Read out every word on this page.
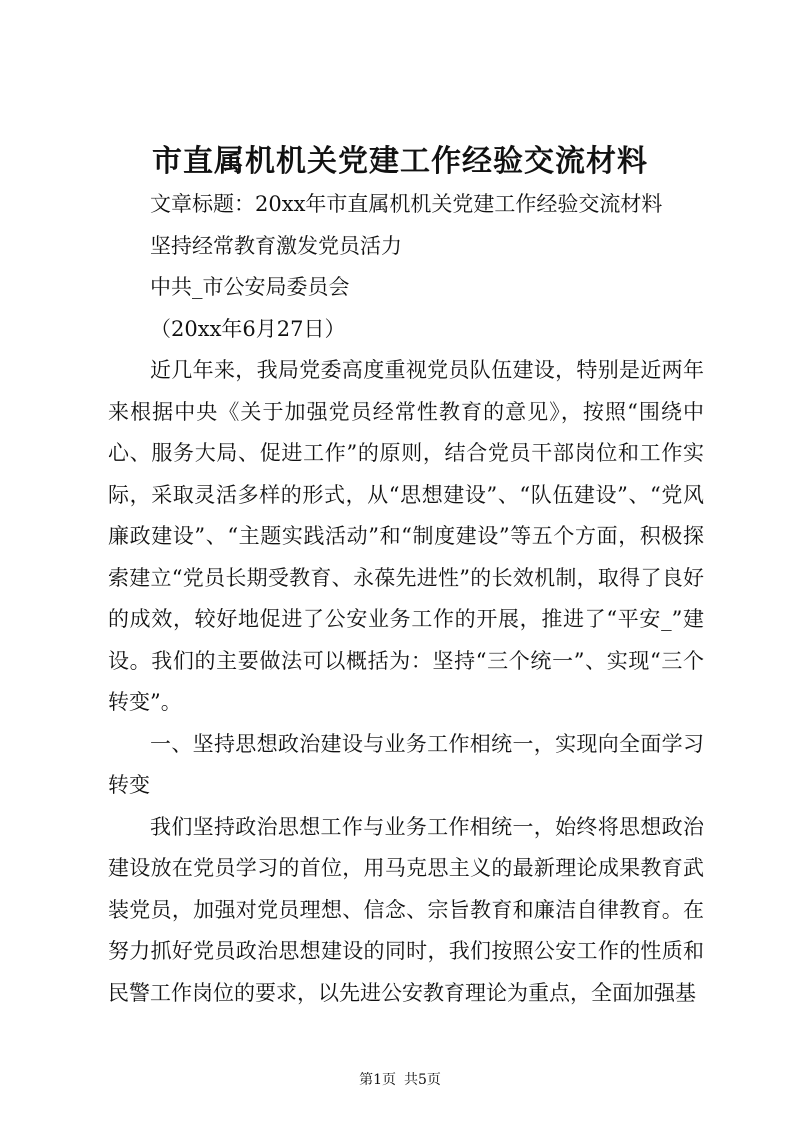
市直属机机关党建工作经验交流材料

文章标题：20xx年市直属机机关党建工作经验交流材料

坚持经常教育激发党员活力

中共_市公安局委员会

（20xx年6月27日）

近几年来，我局党委高度重视党员队伍建设，特别是近两年来根据中央《关于加强党员经常性教育的意见》，按照“围绕中心、服务大局、促进工作”的原则，结合党员干部岗位和工作实际，采取灵活多样的形式，从“思想建设”、“队伍建设”、“党风廉政建设”、“主题实践活动”和“制度建设”等五个方面，积极探索建立“党员长期受教育、永葆先进性”的长效机制，取得了良好的成效，较好地促进了公安业务工作的开展，推进了“平安_”建设。我们的主要做法可以概括为：坚持“三个统一”、实现“三个转变”。

一、坚持思想政治建设与业务工作相统一，实现向全面学习转变

我们坚持政治思想工作与业务工作相统一，始终将思想政治建设放在党员学习的首位，用马克思主义的最新理论成果教育武装党员，加强对党员理想、信念、宗旨教育和廉洁自律教育。在努力抓好党员政治思想建设的同时，我们按照公安工作的性质和民警工作岗位的要求，以先进公安教育理论为重点，全面加强基

第1页 共5页
